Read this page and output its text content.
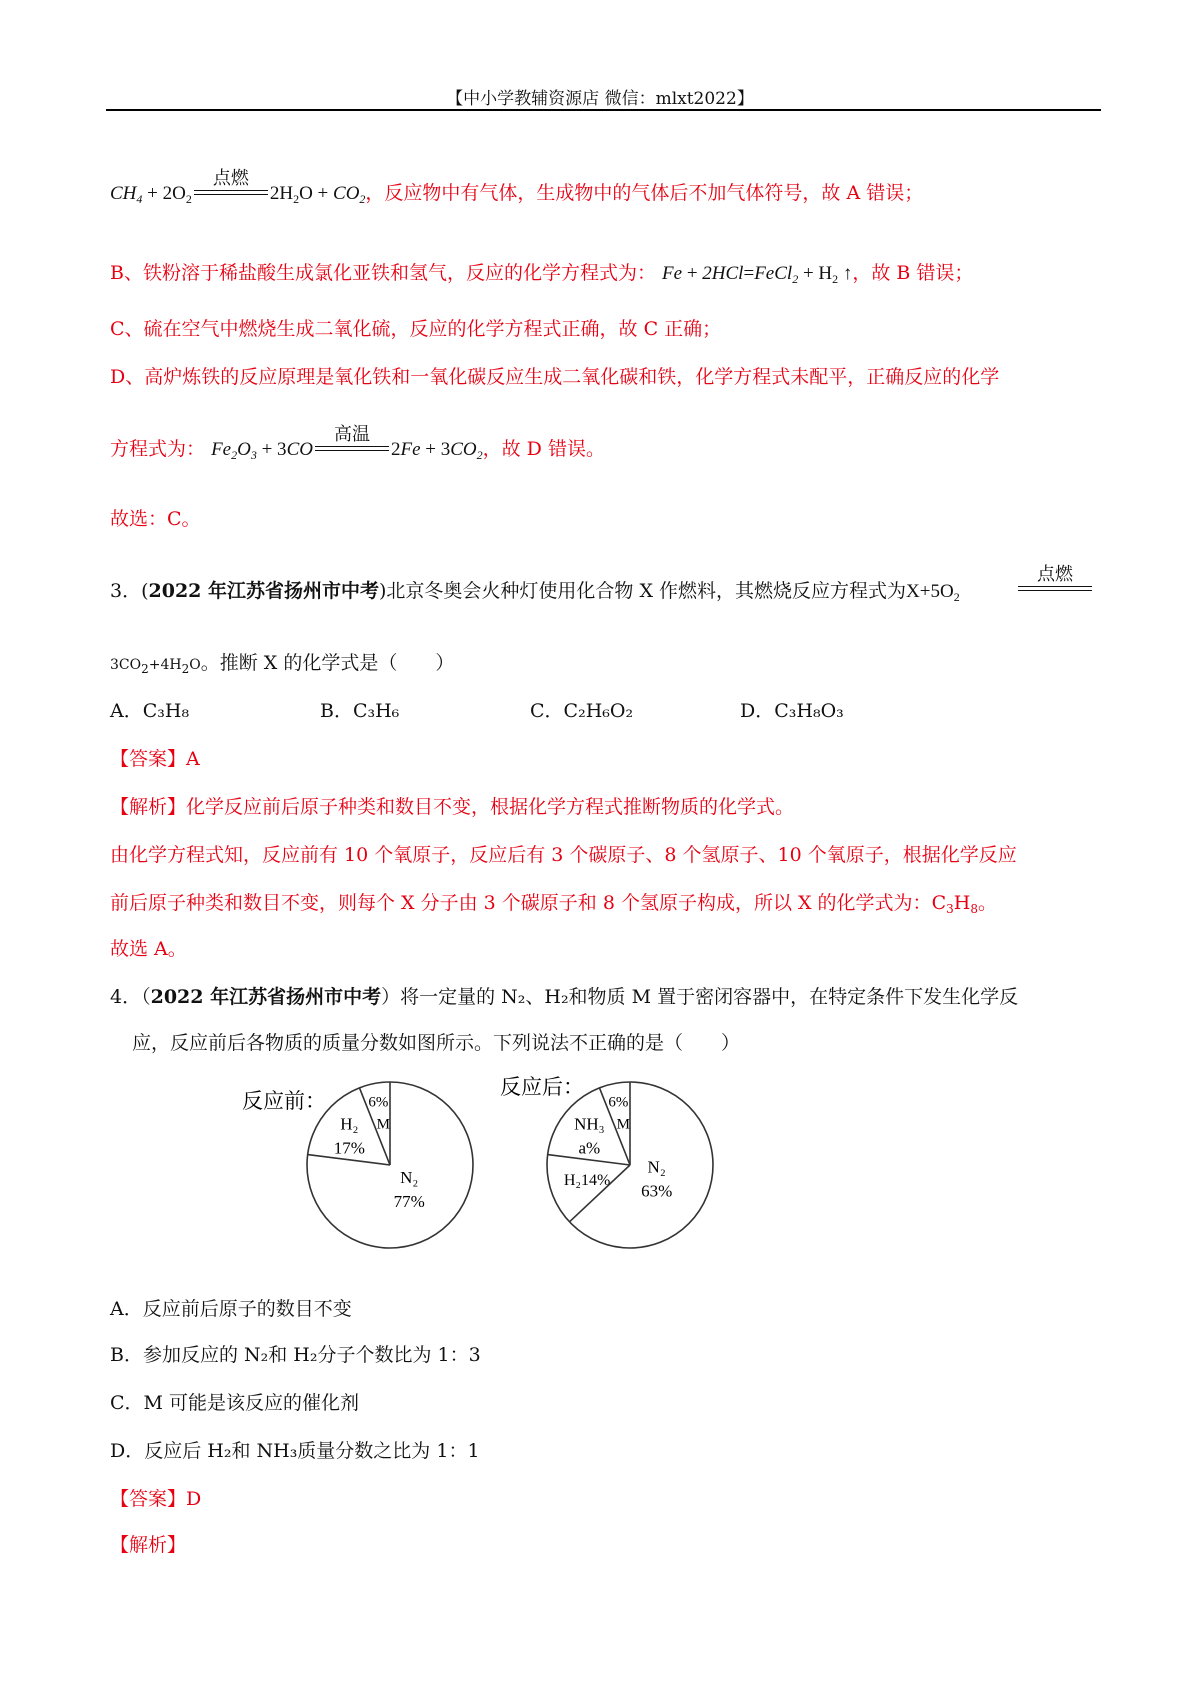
【中小学教辅资源店 微信：mlxt2022】
$CH_4 + 2O_2$
点燃
$2H_2O + CO_2$，反应物中有气体，生成物中的气体后不加气体符号，故 A 错误；
B、铁粉溶于稀盐酸生成氯化亚铁和氢气，反应的化学方程式为： Fe + 2HCl=FeCl$_2$ + $H_2$ ↑，故 B 错误；
C、硫在空气中燃烧生成二氧化硫，反应的化学方程式正确，故 C 正确；
D、高炉炼铁的反应原理是氧化铁和一氧化碳反应生成二氧化碳和铁，化学方程式未配平，正确反应的化学
方程式为： $Fe_2O_3 + 3CO$
高温
$2Fe + 3CO_2$，故 D 错误。
故选：C。
3．(2022 年江苏省扬州市中考)北京冬奥会火种灯使用化合物 X 作燃料，其燃烧反应方程式为$X+5O_2$
点燃
$3CO_2+4H_2O$。推断 X 的化学式是（　　）
A．C₃H₈	B．C₃H₆	C．C₂H₆O₂	D．C₃H₈O₃
【答案】A
【解析】化学反应前后原子种类和数目不变，根据化学方程式推断物质的化学式。
由化学方程式知，反应前有 10 个氧原子，反应后有 3 个碳原子、8 个氢原子、10 个氧原子，根据化学反应
前后原子种类和数目不变，则每个 X 分子由 3 个碳原子和 8 个氢原子构成，所以 X 的化学式为：$C_3H_8$。
故选 A。
4．（2022 年江苏省扬州市中考）将一定量的 N₂、H₂和物质 M 置于密闭容器中，在特定条件下发生化学反
应，反应前后各物质的质量分数如图所示。下列说法不正确的是（　　）
反应前：
反应后：
6%
M
H₂
17%
N₂
77%
6%
M
NH₃
a%
H₂14%
N₂
63%
A．反应前后原子的数目不变
B．参加反应的 N₂和 H₂分子个数比为 1：3
C．M 可能是该反应的催化剂
D．反应后 H₂和 NH₃质量分数之比为 1：1
【答案】D
【解析】
